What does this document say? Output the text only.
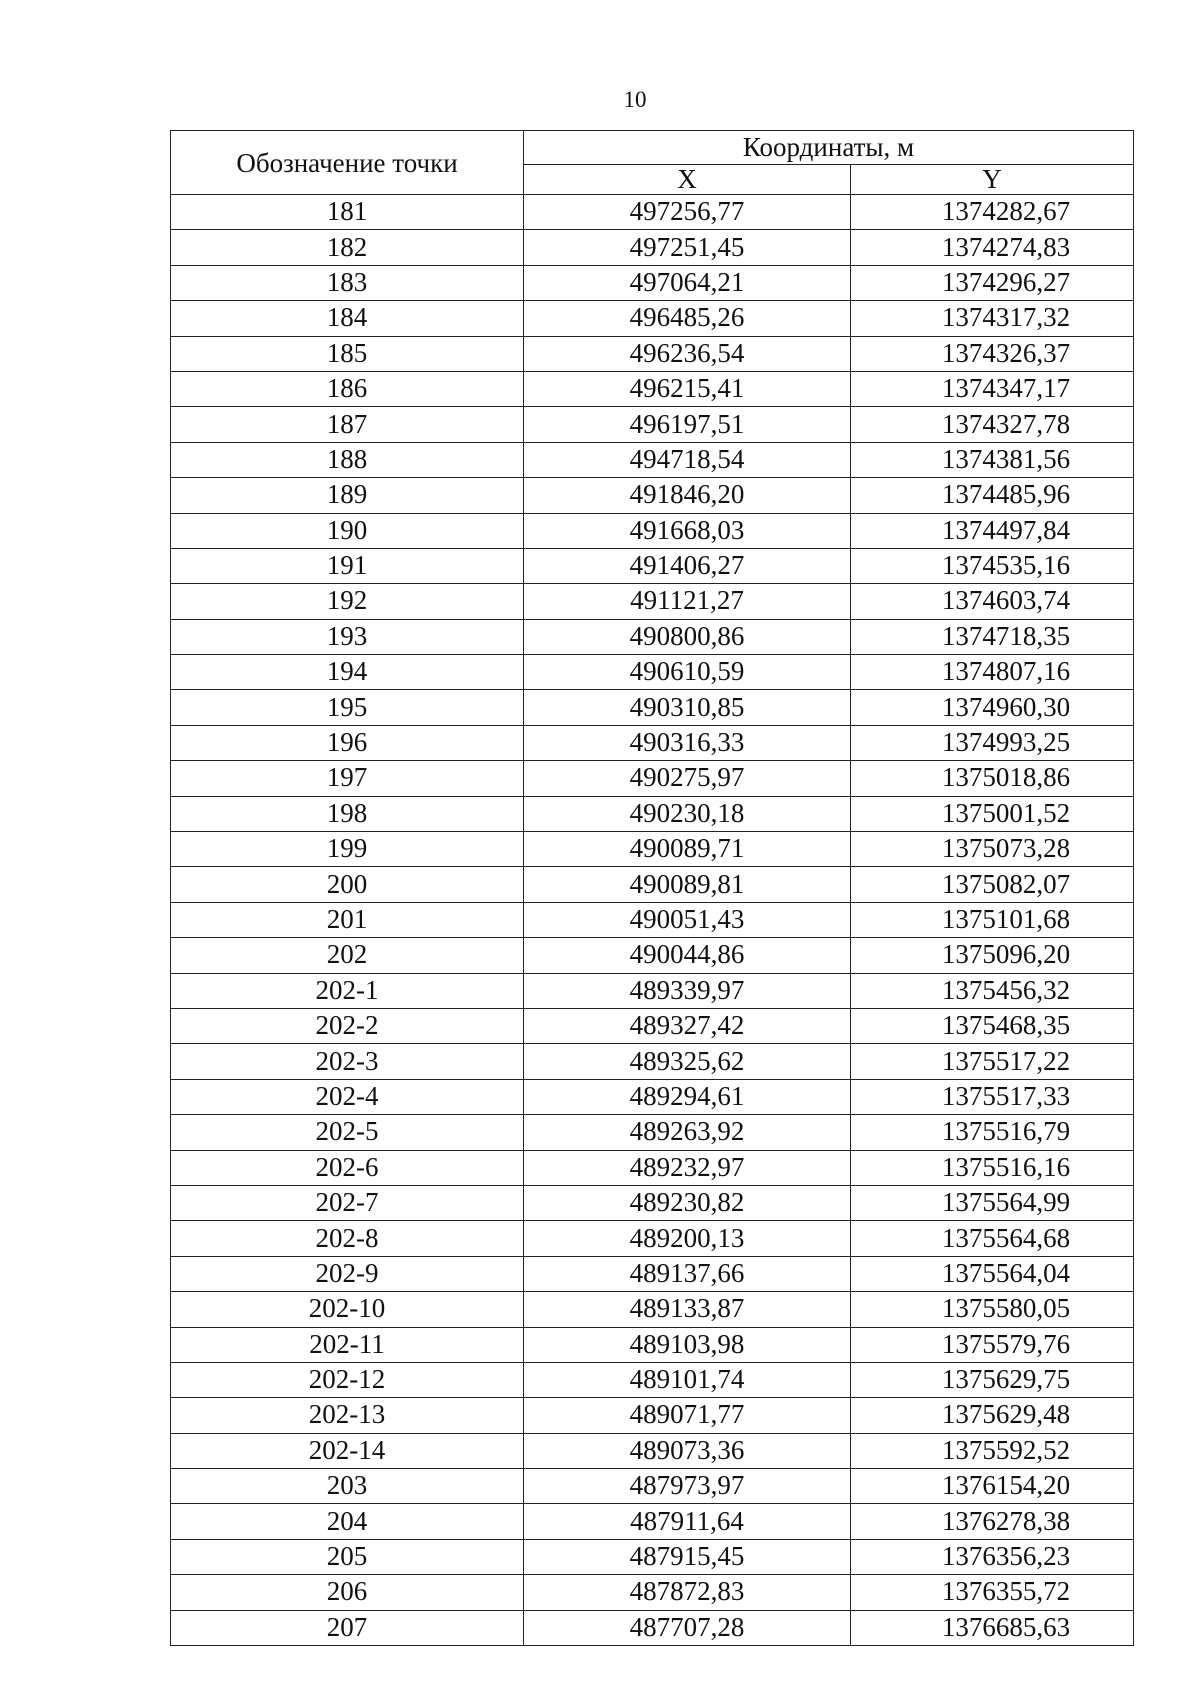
10
Обозначение точки	Координаты, м	
	X	Y
181	497256,77	1374282,67
182	497251,45	1374274,83
183	497064,21	1374296,27
184	496485,26	1374317,32
185	496236,54	1374326,37
186	496215,41	1374347,17
187	496197,51	1374327,78
188	494718,54	1374381,56
189	491846,20	1374485,96
190	491668,03	1374497,84
191	491406,27	1374535,16
192	491121,27	1374603,74
193	490800,86	1374718,35
194	490610,59	1374807,16
195	490310,85	1374960,30
196	490316,33	1374993,25
197	490275,97	1375018,86
198	490230,18	1375001,52
199	490089,71	1375073,28
200	490089,81	1375082,07
201	490051,43	1375101,68
202	490044,86	1375096,20
202-1	489339,97	1375456,32
202-2	489327,42	1375468,35
202-3	489325,62	1375517,22
202-4	489294,61	1375517,33
202-5	489263,92	1375516,79
202-6	489232,97	1375516,16
202-7	489230,82	1375564,99
202-8	489200,13	1375564,68
202-9	489137,66	1375564,04
202-10	489133,87	1375580,05
202-11	489103,98	1375579,76
202-12	489101,74	1375629,75
202-13	489071,77	1375629,48
202-14	489073,36	1375592,52
203	487973,97	1376154,20
204	487911,64	1376278,38
205	487915,45	1376356,23
206	487872,83	1376355,72
207	487707,28	1376685,63
